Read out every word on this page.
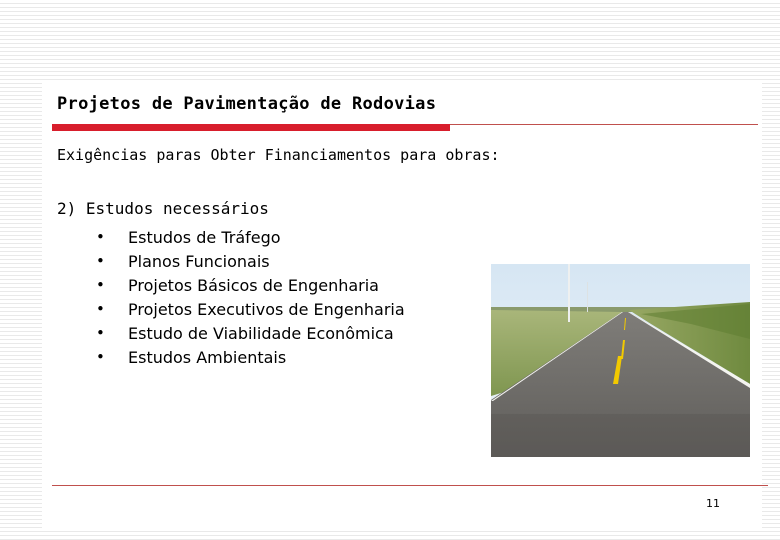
Projetos de Pavimentação de Rodovias
Exigências paras Obter Financiamentos para obras:
2) Estudos necessários
•	Estudos de Tráfego
•	Planos Funcionais
•	Projetos Básicos de Engenharia
•	Projetos Executivos de Engenharia
•	Estudo de Viabilidade Econômica
•	Estudos Ambientais
11
